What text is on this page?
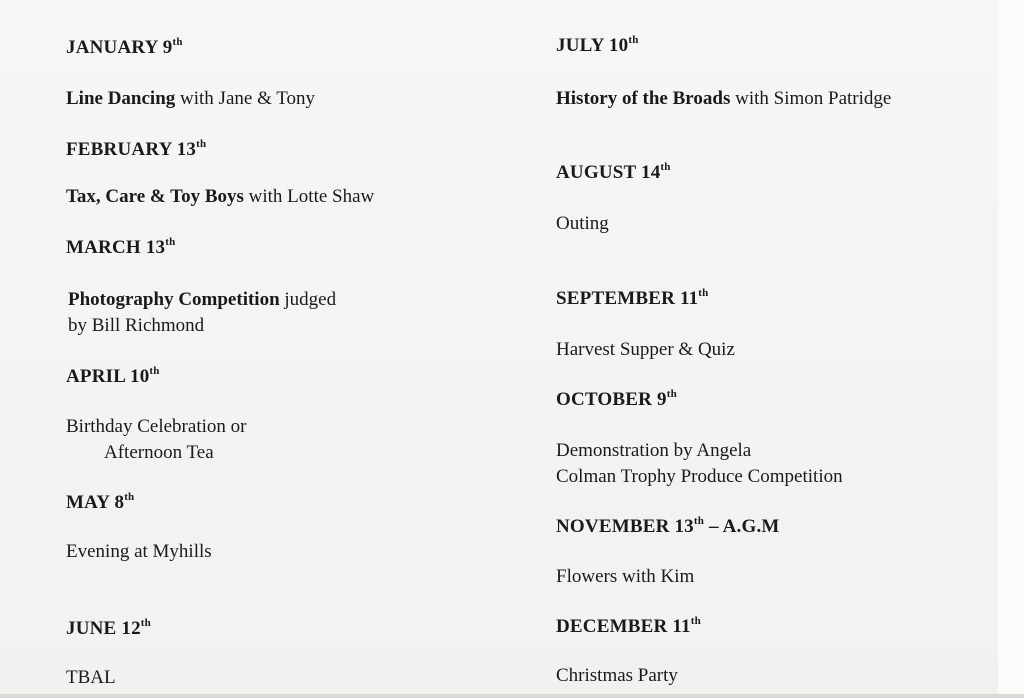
JANUARY 9th
Line Dancing with Jane & Tony
FEBRUARY 13th
Tax, Care & Toy Boys with Lotte Shaw
MARCH 13th
Photography Competition judged
by Bill Richmond
APRIL 10th
Birthday Celebration or
Afternoon Tea
MAY 8th
Evening at Myhills
JUNE 12th
TBAL
JULY 10th
History of the Broads with Simon Patridge
AUGUST 14th
Outing
SEPTEMBER 11th
Harvest Supper & Quiz
OCTOBER 9th
Demonstration by Angela
Colman Trophy Produce Competition
NOVEMBER 13th – A.G.M
Flowers with Kim
DECEMBER 11th
Christmas Party
